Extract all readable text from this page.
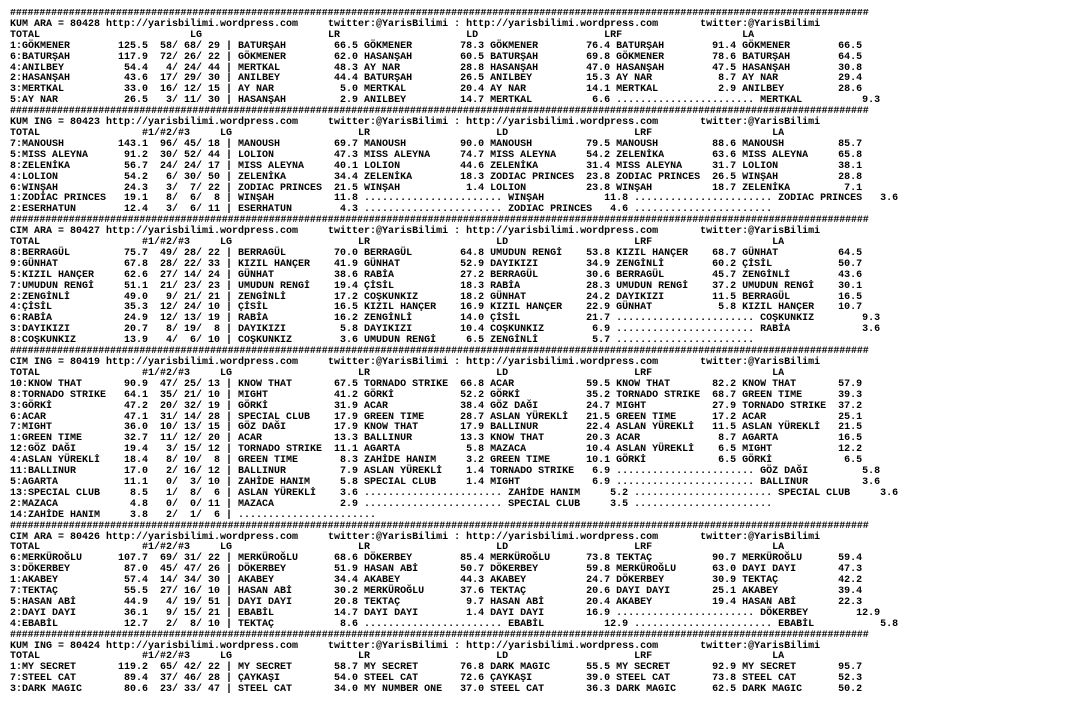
##################################################################################################################################################
KUM ARA = 80428 http://yarisbilimi.wordpress.com     twitter:@YarisBilimi : http://yarisbilimi.wordpress.com       twitter:@YarisBilimi
TOTAL                         LG                     LR                     LD                     LRF                    LA
1:GÖKMENER        125.5  58/ 68/ 29 | BATURŞAH        66.5 GÖKMENER        78.3 GÖKMENER        76.4 BATURŞAH        91.4 GÖKMENER        66.5
6:BATURŞAH        117.9  72/ 26/ 22 | GÖKMENER        62.0 HASANŞAH        60.5 BATURŞAH        69.8 GÖKMENER        78.6 BATURŞAH        64.5
4:ANILBEY          54.4   4/ 24/ 44 | MERTKAL         48.3 AY NAR          28.8 HASANŞAH        47.0 HASANŞAH        47.5 HASANŞAH        30.8
2:HASANŞAH         43.6  17/ 29/ 30 | ANILBEY         44.4 BATURŞAH        26.5 ANILBEY         15.3 AY NAR           8.7 AY NAR          29.4
3:MERTKAL          33.0  16/ 12/ 15 | AY NAR           5.0 MERTKAL         20.4 AY NAR          14.1 MERTKAL          2.9 ANILBEY         28.6
5:AY NAR           26.5   3/ 11/ 30 | HASANŞAH         2.9 ANILBEY         14.7 MERTKAL          6.6 ....................... MERTKAL          9.3
##################################################################################################################################################
KUM ING = 80423 http://yarisbilimi.wordpress.com     twitter:@YarisBilimi : http://yarisbilimi.wordpress.com       twitter:@YarisBilimi
TOTAL                 #1/#2/#3     LG                     LR                     LD                     LRF                    LA
7:MANOUSH         143.1  96/ 45/ 18 | MANOUSH         69.7 MANOUSH         90.0 MANOUSH         79.5 MANOUSH         88.6 MANOUSH         85.7
5:MISS ALEYNA      91.2  30/ 52/ 44 | LOLION          47.3 MISS ALEYNA     74.7 MISS ALEYNA     54.2 ZELENİKA        63.6 MISS ALEYNA     65.8
8:ZELENİKA         56.7  24/ 24/ 17 | MISS ALEYNA     40.1 LOLION          44.6 ZELENİKA        31.4 MISS ALEYNA     31.7 LOLION          38.1
4:LOLION           54.2   6/ 30/ 50 | ZELENİKA        34.4 ZELENİKA        18.3 ZODIAC PRINCES  23.8 ZODIAC PRINCES  26.5 WINŞAH          28.8
6:WINŞAH           24.3   3/  7/ 22 | ZODIAC PRINCES  21.5 WINŞAH           1.4 LOLION          23.8 WINŞAH          18.7 ZELENİKA         7.1
1:ZODİAC PRINCES   19.1   8/  6/  8 | WINŞAH          11.8 ....................... WINŞAH          11.8 ....................... ZODIAC PRINCES   3.6
2:ESERHATUN        12.4   3/  6/ 11 | ESERHATUN        4.3 ....................... ZODIAC PRINCES   4.6 .......................
##################################################################################################################################################
CIM ARA = 80427 http://yarisbilimi.wordpress.com     twitter:@YarisBilimi : http://yarisbilimi.wordpress.com       twitter:@YarisBilimi
TOTAL                 #1/#2/#3     LG                     LR                     LD                     LRF                    LA
8:BERRAGÜL         75.7  49/ 28/ 22 | BERRAGÜL        70.0 BERRAGÜL        64.8 UMUDUN RENGİ    53.8 KIZIL HANÇER    68.7 GÜNHAT          64.5
9:GÜNHAT           67.8  28/ 22/ 33 | KIZIL HANÇER    41.9 GÜNHAT          52.9 DAYIKIZI        34.9 ZENGİNLİ        60.2 ÇİSİL           50.7
5:KIZIL HANÇER     62.6  27/ 14/ 24 | GÜNHAT          38.6 RABİA           27.2 BERRAGÜL        30.6 BERRAGÜL        45.7 ZENGİNLİ        43.6
7:UMUDUN RENGİ     51.1  21/ 23/ 23 | UMUDUN RENGİ    19.4 ÇİSİL           18.3 RABİA           28.3 UMUDUN RENGİ    37.2 UMUDUN RENGİ    30.1
2:ZENGİNLİ         49.0   9/ 21/ 21 | ZENGİNLİ        17.2 COŞKUNKIZ       18.2 GÜNHAT          24.2 DAYIKIZI        11.5 BERRAGÜL        16.5
4:ÇİSİL            35.3  12/ 24/ 10 | ÇİSİL           16.5 KIZIL HANÇER    16.9 KIZIL HANÇER    22.9 GÜNHAT           5.8 KIZIL HANÇER    10.7
6:RABİA            24.9  12/ 13/ 19 | RABİA           16.2 ZENGİNLİ        14.0 ÇİSİL           21.7 ....................... COŞKUNKIZ        9.3
3:DAYIKIZI         20.7   8/ 19/  8 | DAYIKIZI         5.8 DAYIKIZI        10.4 COŞKUNKIZ        6.9 ....................... RABİA            3.6
8:COŞKUNKIZ        13.9   4/  6/ 10 | COŞKUNKIZ        3.6 UMUDUN RENGİ     6.5 ZENGİNLİ         5.7 .......................
##################################################################################################################################################
CIM ING = 80419 http://yarisbilimi.wordpress.com     twitter:@YarisBilimi : http://yarisbilimi.wordpress.com       twitter:@YarisBilimi
TOTAL                 #1/#2/#3     LG                     LR                     LD                     LRF                    LA
10:KNOW THAT       90.9  47/ 25/ 13 | KNOW THAT       67.5 TORNADO STRIKE  66.8 ACAR            59.5 KNOW THAT       82.2 KNOW THAT       57.9
8:TORNADO STRIKE   64.1  35/ 21/ 10 | MIGHT           41.2 GÖRKİ           52.2 GÖRKİ           35.2 TORNADO STRIKE  68.7 GREEN TIME      39.3
3:GÖRKİ            47.2  20/ 32/ 19 | GÖRKİ           31.9 ACAR            38.4 GÖZ DAĞI        24.7 MIGHT           27.9 TORNADO STRIKE  37.2
6:ACAR             47.1  31/ 14/ 28 | SPECIAL CLUB    17.9 GREEN TIME      28.7 ASLAN YÜREKLİ   21.5 GREEN TIME      17.2 ACAR            25.1
7:MIGHT            36.0  10/ 13/ 15 | GÖZ DAĞI        17.9 KNOW THAT       17.9 BALLINUR        22.4 ASLAN YÜREKLİ   11.5 ASLAN YÜREKLİ   21.5
1:GREEN TIME       32.7  11/ 12/ 20 | ACAR            13.3 BALLINUR        13.3 KNOW THAT       20.3 ACAR             8.7 AGARTA          16.5
12:GÖZ DAĞI        19.4   3/ 15/ 12 | TORNADO STRIKE  11.1 AGARTA           5.8 MAZACA          10.4 ASLAN YÜREKLİ    6.5 MIGHT           12.2
4:ASLAN YÜREKLİ    18.4   8/ 10/  8 | GREEN TIME       8.3 ZAHİDE HANIM     3.2 GREEN TIME      10.1 GÖRKİ            6.5 GÖRKİ            6.5
11:BALLINUR        17.0   2/ 16/ 12 | BALLINUR         7.9 ASLAN YÜREKLİ    1.4 TORNADO STRIKE   6.9 ....................... GÖZ DAĞI         5.8
5:AGARTA           11.1   0/  3/ 10 | ZAHİDE HANIM     5.8 SPECIAL CLUB     1.4 MIGHT            6.9 ....................... BALLINUR         3.6
13:SPECIAL CLUB     8.5   1/  8/  6 | ASLAN YÜREKLİ    3.6 ....................... ZAHİDE HANIM     5.2 ....................... SPECIAL CLUB     3.6
2:MAZACA            4.8   0/  0/ 11 | MAZACA           2.9 ....................... SPECIAL CLUB     3.5 .......................
14:ZAHİDE HANIM     3.8   2/  1/  6 | .......................
##################################################################################################################################################
CIM ARA = 80426 http://yarisbilimi.wordpress.com     twitter:@YarisBilimi : http://yarisbilimi.wordpress.com       twitter:@YarisBilimi
TOTAL                 #1/#2/#3     LG                     LR                     LD                     LRF                    LA
6:MERKÜROĞLU      107.7  69/ 31/ 22 | MERKÜROĞLU      68.6 DÖKERBEY        85.4 MERKÜROĞLU      73.8 TEKTAÇ          90.7 MERKÜROĞLU      59.4
3:DÖKERBEY         87.0  45/ 47/ 26 | DÖKERBEY        51.9 HASAN ABİ       50.7 DÖKERBEY        59.8 MERKÜROĞLU      63.0 DAYI DAYI       47.3
1:AKABEY           57.4  14/ 34/ 30 | AKABEY          34.4 AKABEY          44.3 AKABEY          24.7 DÖKERBEY        30.9 TEKTAÇ          42.2
7:TEKTAÇ           55.5  27/ 16/ 10 | HASAN ABİ       30.2 MERKÜROĞLU      37.6 TEKTAÇ          20.6 DAYI DAYI       25.1 AKABEY          39.4
5:HASAN ABİ        44.9   4/ 19/ 51 | DAYI DAYI       20.8 TEKTAÇ           9.7 HASAN ABİ       20.4 AKABEY          19.4 HASAN ABİ       22.3
2:DAYI DAYI        36.1   9/ 15/ 21 | EBABİL          14.7 DAYI DAYI        1.4 DAYI DAYI       16.9 ....................... DÖKERBEY        12.9
4:EBABİL           12.7   2/  8/ 10 | TEKTAÇ           8.6 ....................... EBABİL          12.9 ....................... EBABİL           5.8
##################################################################################################################################################
KUM ING = 80424 http://yarisbilimi.wordpress.com     twitter:@YarisBilimi : http://yarisbilimi.wordpress.com       twitter:@YarisBilimi
TOTAL                 #1/#2/#3     LG                     LR                     LD                     LRF                    LA
1:MY SECRET       119.2  65/ 42/ 22 | MY SECRET       58.7 MY SECRET       76.8 DARK MAGIC      55.5 MY SECRET       92.9 MY SECRET       95.7
7:STEEL CAT        89.4  37/ 46/ 28 | ÇAYKAŞI         54.0 STEEL CAT       72.6 ÇAYKAŞI         39.0 STEEL CAT       73.8 STEEL CAT       52.3
3:DARK MAGIC       80.6  23/ 33/ 47 | STEEL CAT       34.0 MY NUMBER ONE   37.0 STEEL CAT       36.3 DARK MAGIC      62.5 DARK MAGIC      50.2
